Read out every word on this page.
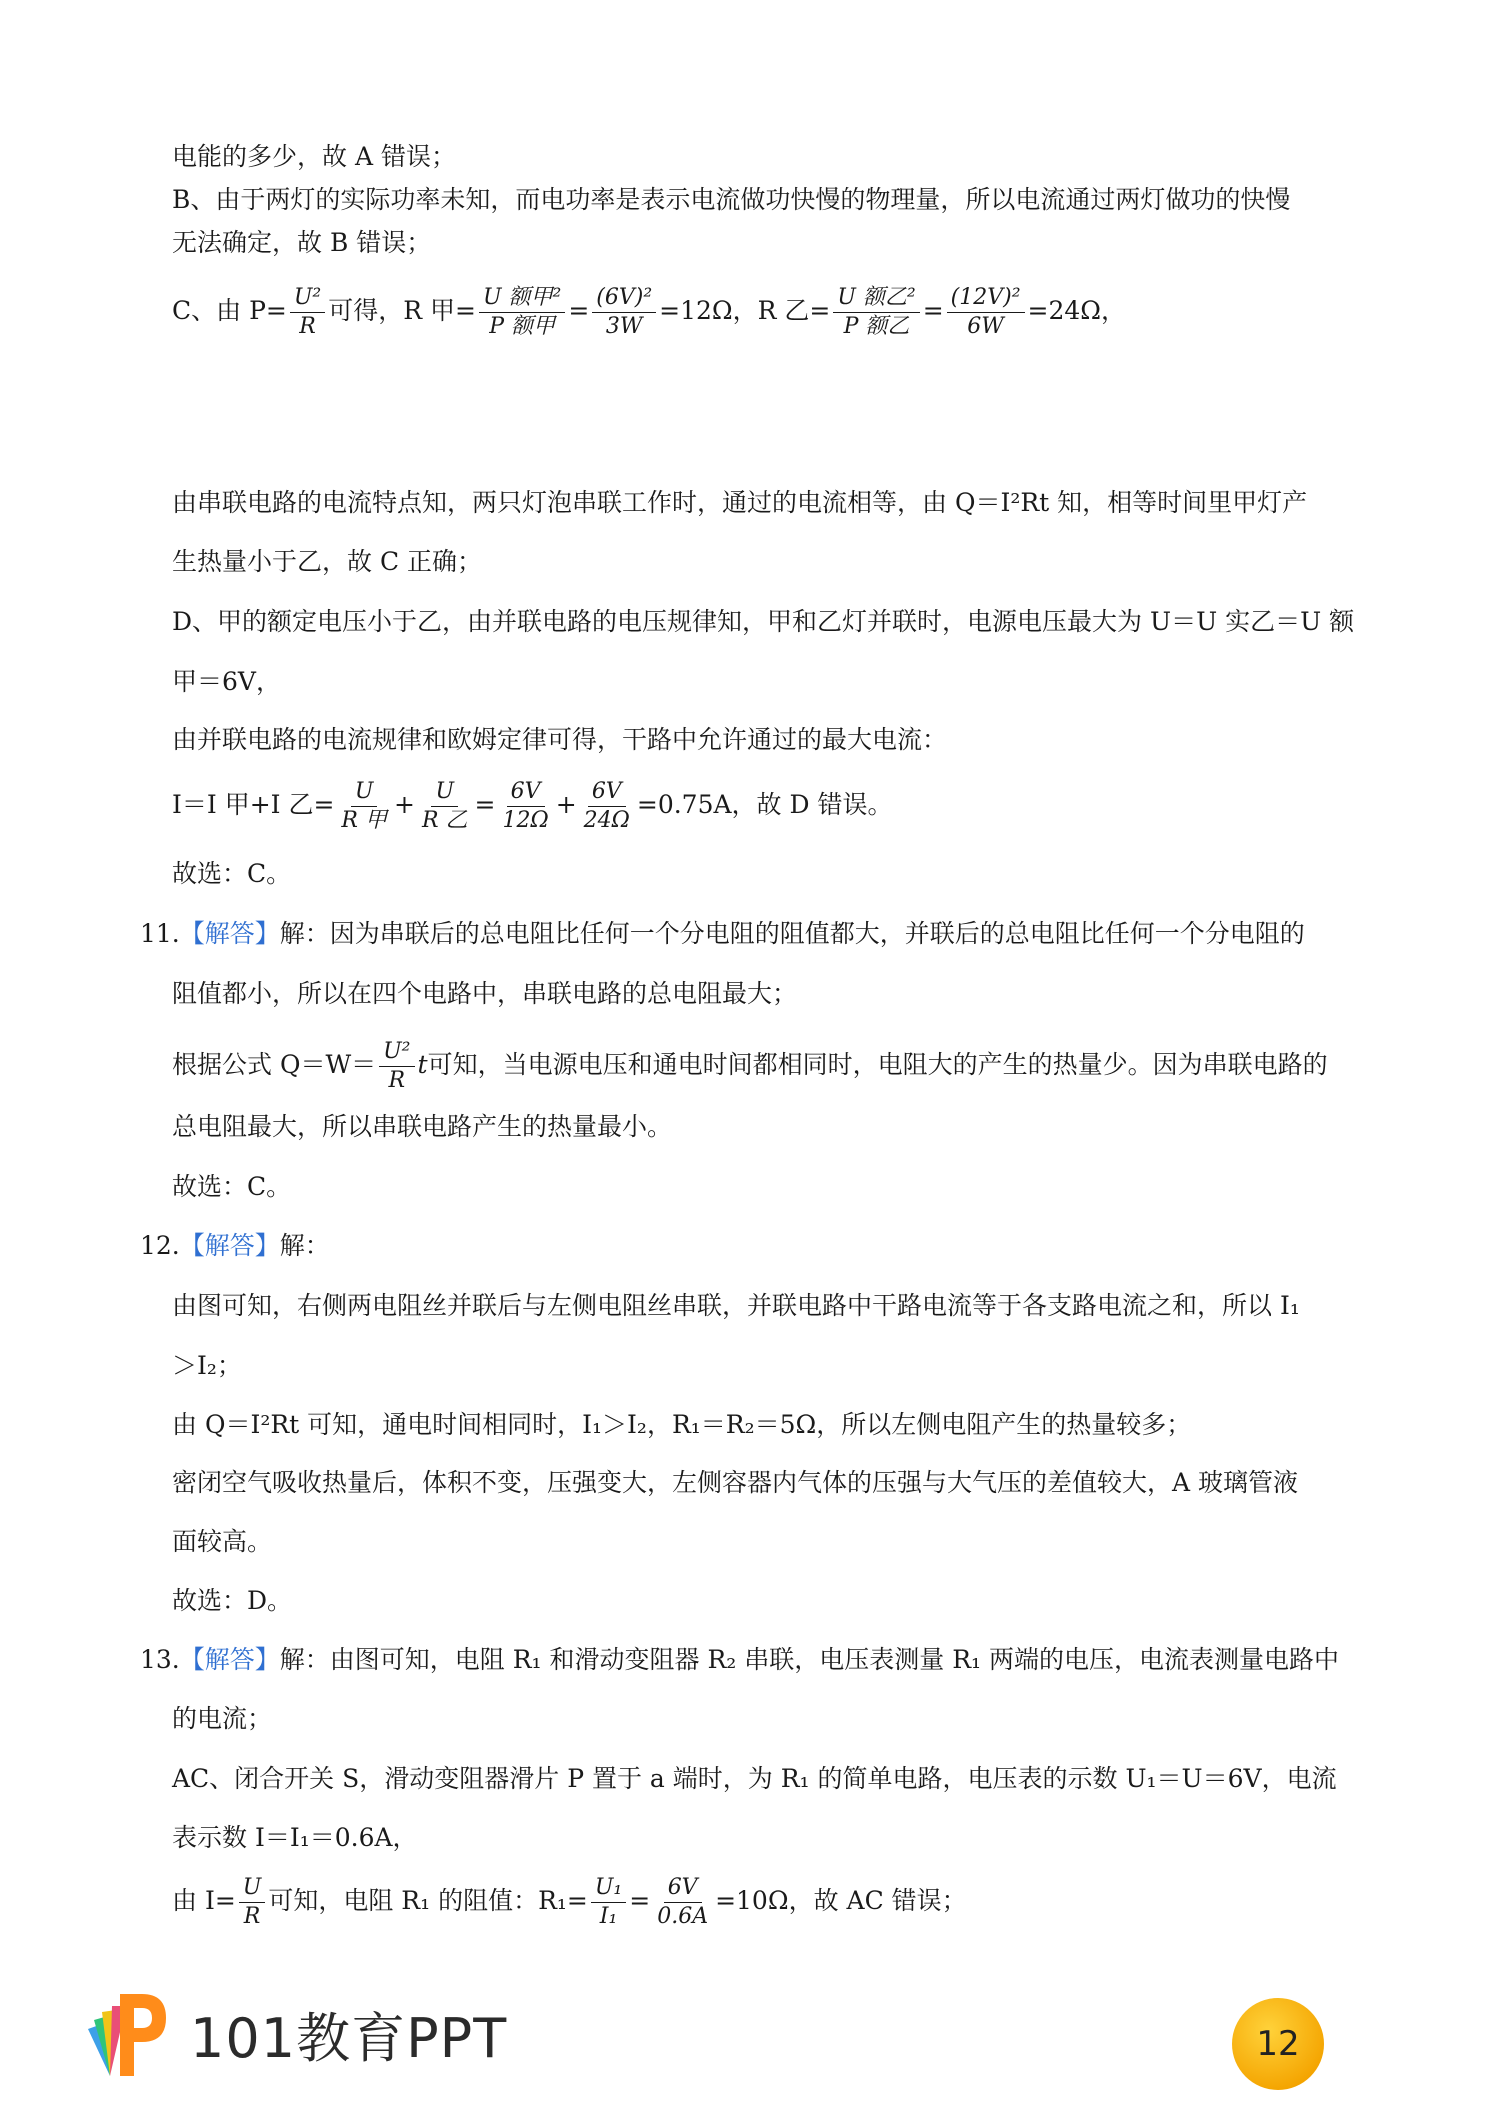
电能的多少，故 A 错误；
B、由于两灯的实际功率未知，而电功率是表示电流做功快慢的物理量，所以电流通过两灯做功的快慢
无法确定，故 B 错误；
C、由 $P= \frac{\text{U²}}{R}$ 可得，R 甲= $\frac{\text{U 额甲²}}{\text{P 额甲}} = \frac{\text{(6V)²}}{3W} =12\Omega$，R 乙= $\frac{\text{U 额乙²}}{\text{P 额乙}} = \frac{\text{(12V)²}}{6W} =24\Omega$，
由串联电路的电流特点知，两只灯泡串联工作时，通过的电流相等，由 Q＝I²Rt 知，相等时间里甲灯产
生热量小于乙，故 C 正确；
D、甲的额定电压小于乙，由并联电路的电压规律知，甲和乙灯并联时，电源电压最大为 U＝U 实乙＝U 额
甲＝6V，
由并联电路的电流规律和欧姆定律可得，干路中允许通过的最大电流：
I＝I 甲+I 乙= $\frac{U}{\text{R 甲}} + \frac{U}{\text{R 乙}} = \frac{6V}{12\Omega} + \frac{6V}{24\Omega} =0.75A$，故 D 错误。
故选：C。
11.【解答】解：因为串联后的总电阻比任何一个分电阻的阻值都大，并联后的总电阻比任何一个分电阻的
阻值都小，所以在四个电路中，串联电路的总电阻最大；
根据公式 $Q=W= \frac{\text{U²}}{R}$ t可知，当电源电压和通电时间都相同时，电阻大的产生的热量少。因为串联电路的
总电阻最大，所以串联电路产生的热量最小。
故选：C。
12.【解答】解：
由图可知，右侧两电阻丝并联后与左侧电阻丝串联，并联电路中干路电流等于各支路电流之和，所以 I₁
＞I₂；
由 Q＝I²Rt 可知，通电时间相同时，I₁＞I₂，R₁＝R₂＝5Ω，所以左侧电阻产生的热量较多；
密闭空气吸收热量后，体积不变，压强变大，左侧容器内气体的压强与大气压的差值较大，A 玻璃管液
面较高。
故选：D。
13.【解答】解：由图可知，电阻 R₁ 和滑动变阻器 R₂ 串联，电压表测量 R₁ 两端的电压，电流表测量电路中
的电流；
AC、闭合开关 S，滑动变阻器滑片 P 置于 a 端时，为 R₁ 的简单电路，电压表的示数 U₁＝U＝6V，电流
表示数 I＝I₁＝0.6A，
由 $I= \frac{U}{R}$ 可知，电阻 R₁ 的阻值：$R_1= \frac{\text{U₁}}{\text{I₁}} = \frac{6V}{0.6A} =10\Omega$，故 AC 错误；
101教育PPT	12
